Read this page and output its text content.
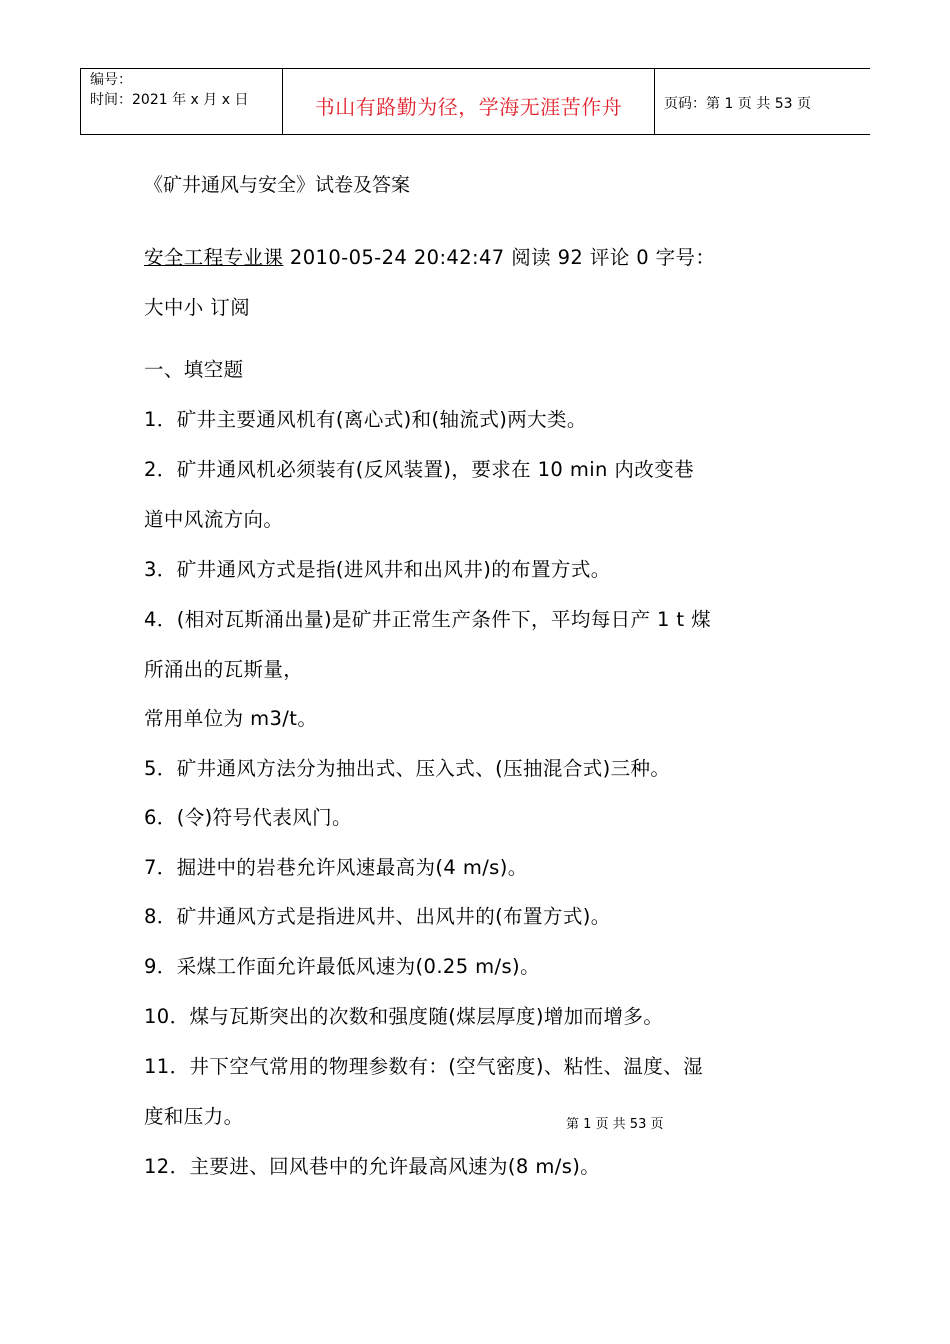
编号：
时间：2021 年 x 月 x 日	书山有路勤为径，学海无涯苦作舟	页码：第 1 页 共 53 页
《矿井通风与安全》试卷及答案
安全工程专业课 2010-05-24 20:42:47 阅读 92 评论 0 字号：
大中小 订阅
一、填空题
1．矿井主要通风机有(离心式)和(轴流式)两大类。
2．矿井通风机必须装有(反风装置)，要求在 10 min 内改变巷
道中风流方向。
3．矿井通风方式是指(进风井和出风井)的布置方式。
4．(相对瓦斯涌出量)是矿井正常生产条件下，平均每日产 1 t 煤
所涌出的瓦斯量，
常用单位为 m3/t。
5．矿井通风方法分为抽出式、压入式、(压抽混合式)三种。
6．(令)符号代表风门。
7．掘进中的岩巷允许风速最高为(4 m/s)。
8．矿井通风方式是指进风井、出风井的(布置方式)。
9．采煤工作面允许最低风速为(0.25 m/s)。
10．煤与瓦斯突出的次数和强度随(煤层厚度)增加而增多。
11．井下空气常用的物理参数有：(空气密度)、粘性、温度、湿
度和压力。
12．主要进、回风巷中的允许最高风速为(8 m/s)。
第 1 页 共 53 页
